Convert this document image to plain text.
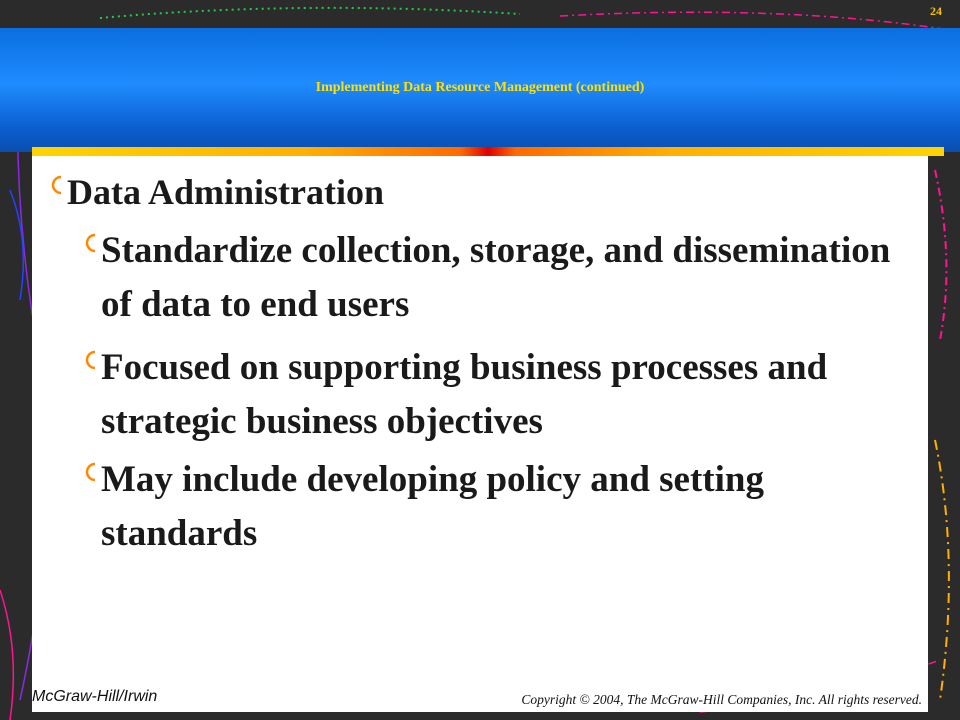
24
Implementing Data Resource Management (continued)
Data Administration
Standardize collection, storage, and dissemination of data to end users
Focused on supporting business processes and strategic business objectives
May include developing policy and setting standards
McGraw-Hill/Irwin	Copyright © 2004, The McGraw-Hill Companies, Inc. All rights reserved.
